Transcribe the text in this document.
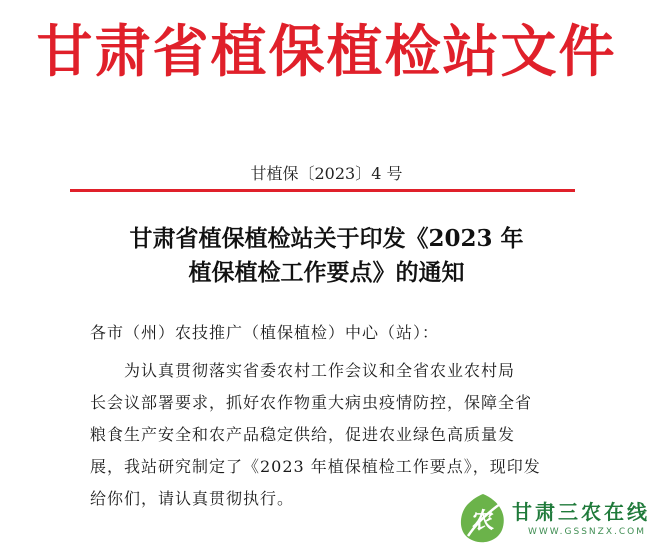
甘肃省植保植检站文件
甘植保〔2023〕4 号
甘肃省植保植检站关于印发《2023 年
植保植检工作要点》的通知
各市（州）农技推广（植保植检）中心（站）：
为认真贯彻落实省委农村工作会议和全省农业农村局
长会议部署要求，抓好农作物重大病虫疫情防控，保障全省
粮食生产安全和农产品稳定供给，促进农业绿色高质量发
展，我站研究制定了《2023 年植保植检工作要点》，现印发
给你们，请认真贯彻执行。
农 甘肃三农在线
WWW.GSSNZX.COM
